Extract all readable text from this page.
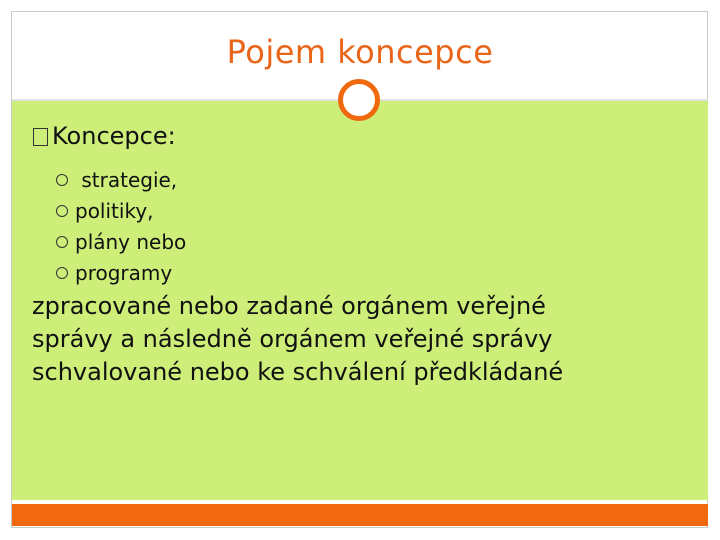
Pojem koncepce
Koncepce:
strategie,
politiky,
plány nebo
programy
zpracované nebo zadané orgánem veřejné
správy a následně orgánem veřejné správy
schvalované nebo ke schválení předkládané
